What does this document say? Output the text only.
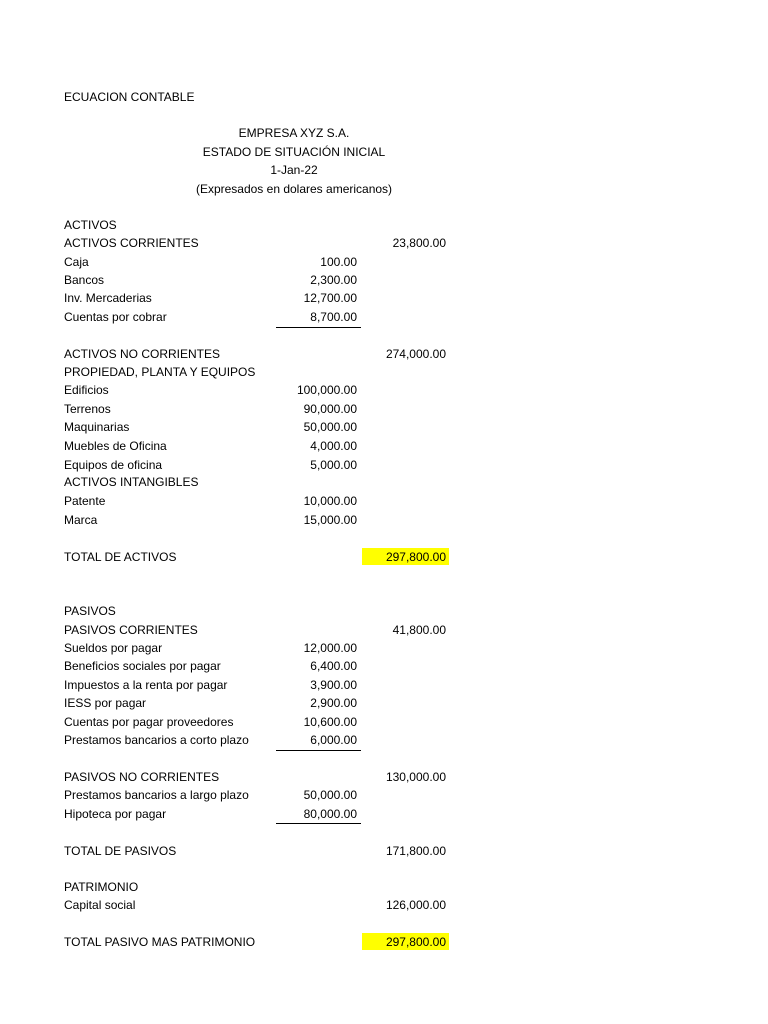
ECUACION CONTABLE
EMPRESA XYZ S.A.
ESTADO DE SITUACIÓN INICIAL
1-Jan-22
(Expresados en dolares americanos)
ACTIVOS
ACTIVOS CORRIENTES	23,800.00
Caja	100.00
Bancos	2,300.00
Inv. Mercaderias	12,700.00
Cuentas por cobrar	8,700.00
ACTIVOS NO CORRIENTES	274,000.00
PROPIEDAD, PLANTA Y EQUIPOS
Edificios	100,000.00
Terrenos	90,000.00
Maquinarias	50,000.00
Muebles de Oficina	4,000.00
Equipos de oficina	5,000.00
ACTIVOS INTANGIBLES
Patente	10,000.00
Marca	15,000.00
TOTAL DE ACTIVOS	297,800.00
PASIVOS
PASIVOS CORRIENTES	41,800.00
Sueldos por pagar	12,000.00
Beneficios sociales por pagar	6,400.00
Impuestos a la renta por pagar	3,900.00
IESS por pagar	2,900.00
Cuentas por pagar proveedores	10,600.00
Prestamos bancarios a corto plazo	6,000.00
PASIVOS NO CORRIENTES	130,000.00
Prestamos bancarios a largo plazo	50,000.00
Hipoteca por pagar	80,000.00
TOTAL DE PASIVOS	171,800.00
PATRIMONIO
Capital social	126,000.00
TOTAL PASIVO MAS PATRIMONIO	297,800.00
